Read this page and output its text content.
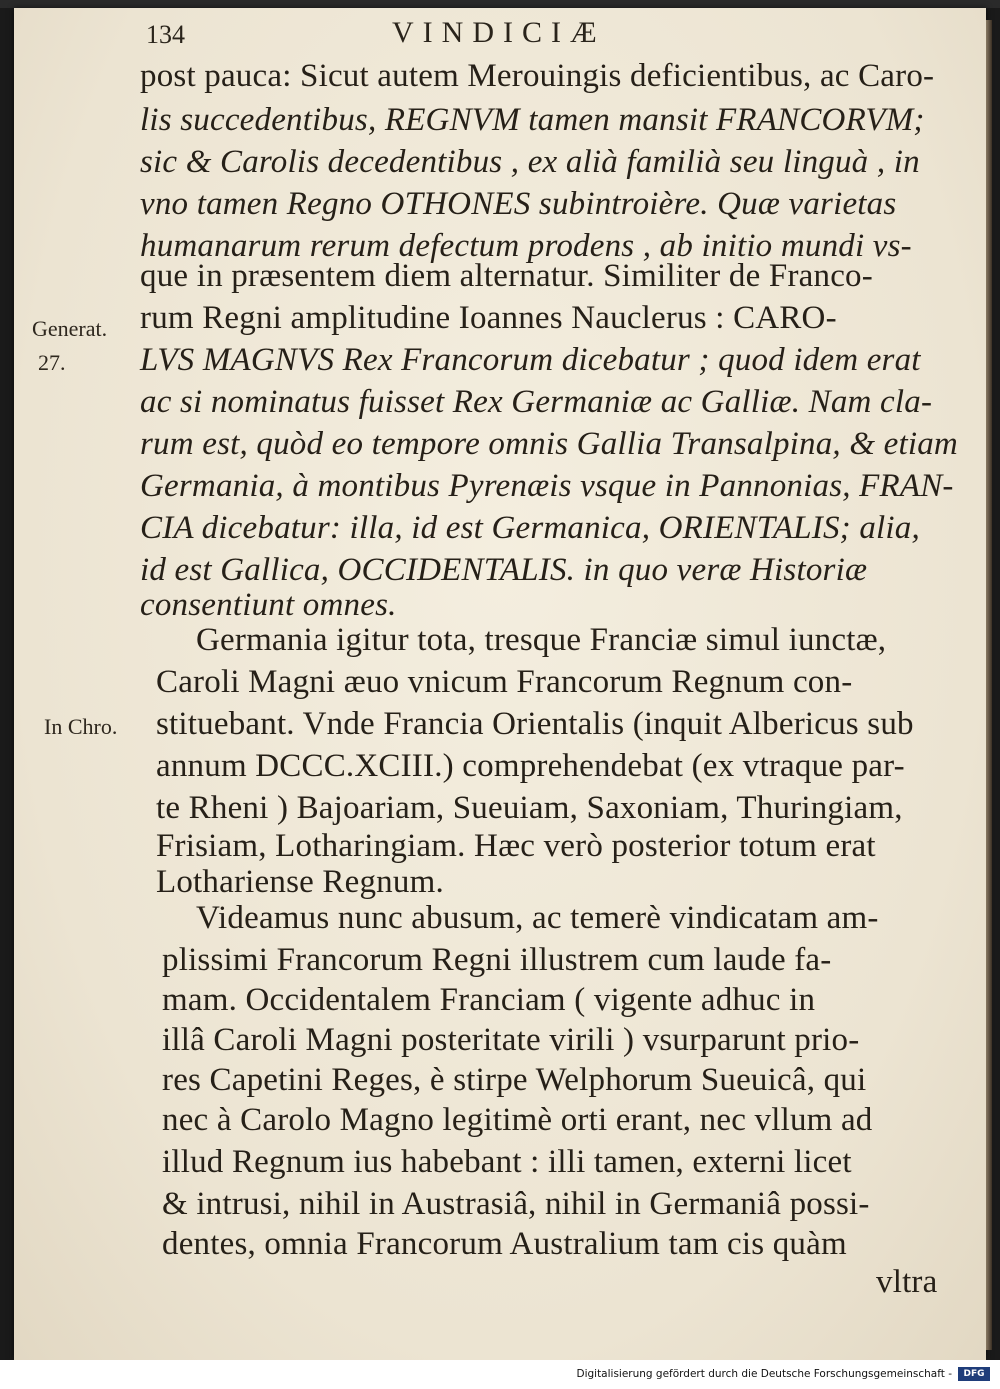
134	VINDICIÆ
Generat.
27.
In Chro.
post pauca: Sicut autem Merouingis deficientibus, ac Caro-
lis succedentibus, REGNVM tamen mansit FRANCORVM;
sic & Carolis decedentibus , ex alià familià seu linguà , in
vno tamen Regno OTHONES subintroière. Quæ varietas
humanarum rerum defectum prodens , ab initio mundi vs-
que in præsentem diem alternatur. Similiter de Franco-
rum Regni amplitudine Ioannes Nauclerus : CARO-
LVS MAGNVS Rex Francorum dicebatur ; quod idem erat
ac si nominatus fuisset Rex Germaniæ ac Galliæ. Nam cla-
rum est, quòd eo tempore omnis Gallia Transalpina, & etiam
Germania, à montibus Pyrenæis vsque in Pannonias, FRAN-
CIA dicebatur: illa, id est Germanica, ORIENTALIS; alia,
id est Gallica, OCCIDENTALIS. in quo veræ Historiæ
consentiunt omnes.
Germania igitur tota, tresque Franciæ simul iunctæ,
Caroli Magni æuo vnicum Francorum Regnum con-
stituebant. Vnde Francia Orientalis (inquit Albericus sub
annum DCCC.XCIII.) comprehendebat (ex vtraque par-
te Rheni ) Bajoariam, Sueuiam, Saxoniam, Thuringiam,
Frisiam, Lotharingiam. Hæc verò posterior totum erat
Lothariense Regnum.
Videamus nunc abusum, ac temerè vindicatam am-
plissimi Francorum Regni illustrem cum laude fa-
mam. Occidentalem Franciam ( vigente adhuc in
illâ Caroli Magni posteritate virili ) vsurparunt prio-
res Capetini Reges, è stirpe Welphorum Sueuicâ, qui
nec à Carolo Magno legitimè orti erant, nec vllum ad
illud Regnum ius habebant : illi tamen, externi licet
& intrusi, nihil in Austrasiâ, nihil in Germaniâ possi-
dentes, omnia Francorum Australium tam cis quàm
vltra
Digitalisierung gefördert durch die Deutsche Forschungsgemeinschaft -	DFG
